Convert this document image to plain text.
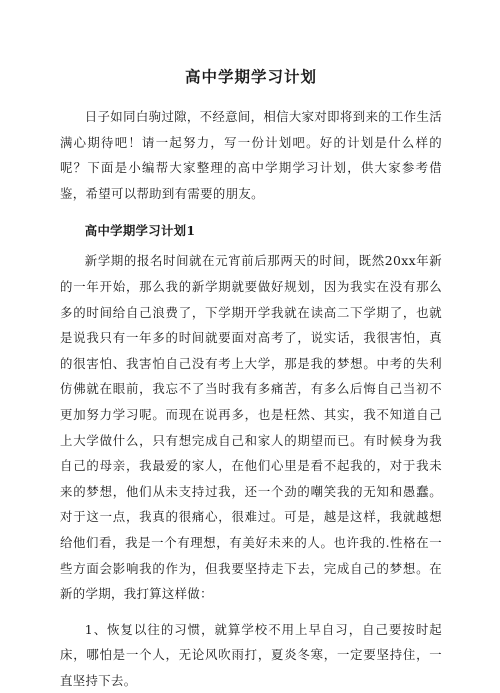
高中学期学习计划

日子如同白驹过隙，不经意间，相信大家对即将到来的工作生活满心期待吧！请一起努力，写一份计划吧。好的计划是什么样的呢？下面是小编帮大家整理的高中学期学习计划，供大家参考借鉴，希望可以帮助到有需要的朋友。

高中学期学习计划1

新学期的报名时间就在元宵前后那两天的时间，既然20xx年新的一年开始，那么我的新学期就要做好规划，因为我实在没有那么多的时间给自己浪费了，下学期开学我就在读高二下学期了，也就是说我只有一年多的时间就要面对高考了，说实话，我很害怕，真的很害怕、我害怕自己没有考上大学，那是我的梦想。中考的失利仿佛就在眼前，我忘不了当时我有多痛苦，有多么后悔自己当初不更加努力学习呢。而现在说再多，也是枉然、其实，我不知道自己上大学做什么，只有想完成自己和家人的期望而已。有时候身为我自己的母亲，我最爱的家人，在他们心里是看不起我的，对于我未来的梦想，他们从未支持过我，还一个劲的嘲笑我的无知和愚蠢。对于这一点，我真的很痛心，很难过。可是，越是这样，我就越想给他们看，我是一个有理想，有美好未来的人。也许我的.性格在一些方面会影响我的作为，但我要坚持走下去，完成自己的梦想。在新的学期，我打算这样做：

1、恢复以往的习惯，就算学校不用上早自习，自己要按时起床，哪怕是一个人，无论风吹雨打，夏炎冬寒，一定要坚持住，一直坚持下去。
